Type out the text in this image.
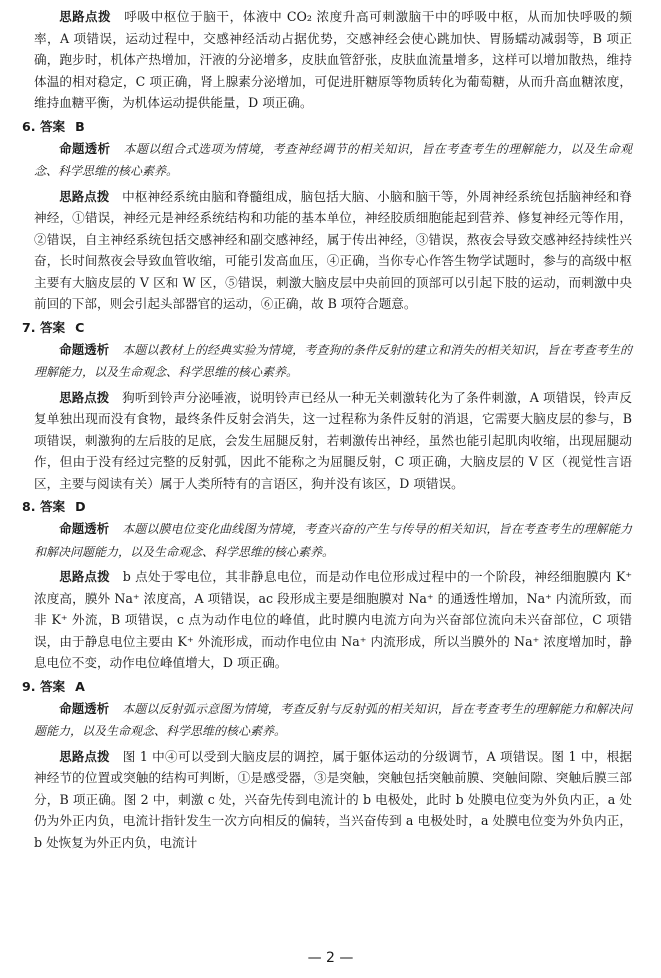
思路点拨　 呼吸中枢位于脑干，体液中 CO₂ 浓度升高可刺激脑干中的呼吸中枢，从而加快呼吸的频率，A 项错误，运动过程中，交感神经活动占据优势，交感神经会使心跳加快、胃肠蠕动减弱等，B 项正确，跑步时，机体产热增加，汗液的分泌增多，皮肤血管舒张，皮肤血流量增多，这样可以增加散热，维持体温的相对稳定，C 项正确，肾上腺素分泌增加，可促进肝糖原等物质转化为葡萄糖，从而升高血糖浓度，维持血糖平衡，为机体运动提供能量，D 项正确。

6. 答案 B

命题透析　 本题以组合式选项为情境，考查神经调节的相关知识，旨在考查考生的理解能力，以及生命观念、科学思维的核心素养。

思路点拨　 中枢神经系统由脑和脊髓组成，脑包括大脑、小脑和脑干等，外周神经系统包括脑神经和脊神经，①错误，神经元是神经系统结构和功能的基本单位，神经胶质细胞能起到营养、修复神经元等作用，②错误，自主神经系统包括交感神经和副交感神经，属于传出神经，③错误，熬夜会导致交感神经持续性兴奋，长时间熬夜会导致血管收缩，可能引发高血压，④正确，当你专心作答生物学试题时，参与的高级中枢主要有大脑皮层的 V 区和 W 区，⑤错误，刺激大脑皮层中央前回的顶部可以引起下肢的运动，而刺激中央前回的下部，则会引起头部器官的运动，⑥正确，故 B 项符合题意。

7. 答案 C

命题透析　 本题以教材上的经典实验为情境，考查狗的条件反射的建立和消失的相关知识，旨在考查考生的理解能力，以及生命观念、科学思维的核心素养。

思路点拨　 狗听到铃声分泌唾液，说明铃声已经从一种无关刺激转化为了条件刺激，A 项错误，铃声反复单独出现而没有食物，最终条件反射会消失，这一过程称为条件反射的消退，它需要大脑皮层的参与，B 项错误，刺激狗的左后肢的足底，会发生屈腿反射，若刺激传出神经，虽然也能引起肌肉收缩，出现屈腿动作，但由于没有经过完整的反射弧，因此不能称之为屈腿反射，C 项正确，大脑皮层的 V 区（视觉性言语区，主要与阅读有关）属于人类所特有的言语区，狗并没有该区，D 项错误。

8. 答案 D

命题透析　 本题以膜电位变化曲线图为情境，考查兴奋的产生与传导的相关知识，旨在考查考生的理解能力和解决问题能力，以及生命观念、科学思维的核心素养。

思路点拨　 b 点处于零电位，其非静息电位，而是动作电位形成过程中的一个阶段，神经细胞膜内 K⁺ 浓度高，膜外 Na⁺ 浓度高，A 项错误，ac 段形成主要是细胞膜对 Na⁺ 的通透性增加，Na⁺ 内流所致，而非 K⁺ 外流，B 项错误，c 点为动作电位的峰值，此时膜内电流方向为兴奋部位流向未兴奋部位，C 项错误，由于静息电位主要由 K⁺ 外流形成，而动作电位由 Na⁺ 内流形成，所以当膜外的 Na⁺ 浓度增加时，静息电位不变，动作电位峰值增大，D 项正确。

9. 答案 A

命题透析　 本题以反射弧示意图为情境，考查反射与反射弧的相关知识，旨在考查考生的理解能力和解决问题能力，以及生命观念、科学思维的核心素养。

思路点拨　 图 1 中④可以受到大脑皮层的调控，属于躯体运动的分级调节，A 项错误。图 1 中，根据神经节的位置或突触的结构可判断，①是感受器，③是突触，突触包括突触前膜、突触间隙、突触后膜三部分，B 项正确。图 2 中，刺激 c 处，兴奋先传到电流计的 b 电极处，此时 b 处膜电位变为外负内正，a 处仍为外正内负，电流计指针发生一次方向相反的偏转，当兴奋传到 a 电极处时，a 处膜电位变为外负内正，b 处恢复为外正内负，电流计

— 2 —
